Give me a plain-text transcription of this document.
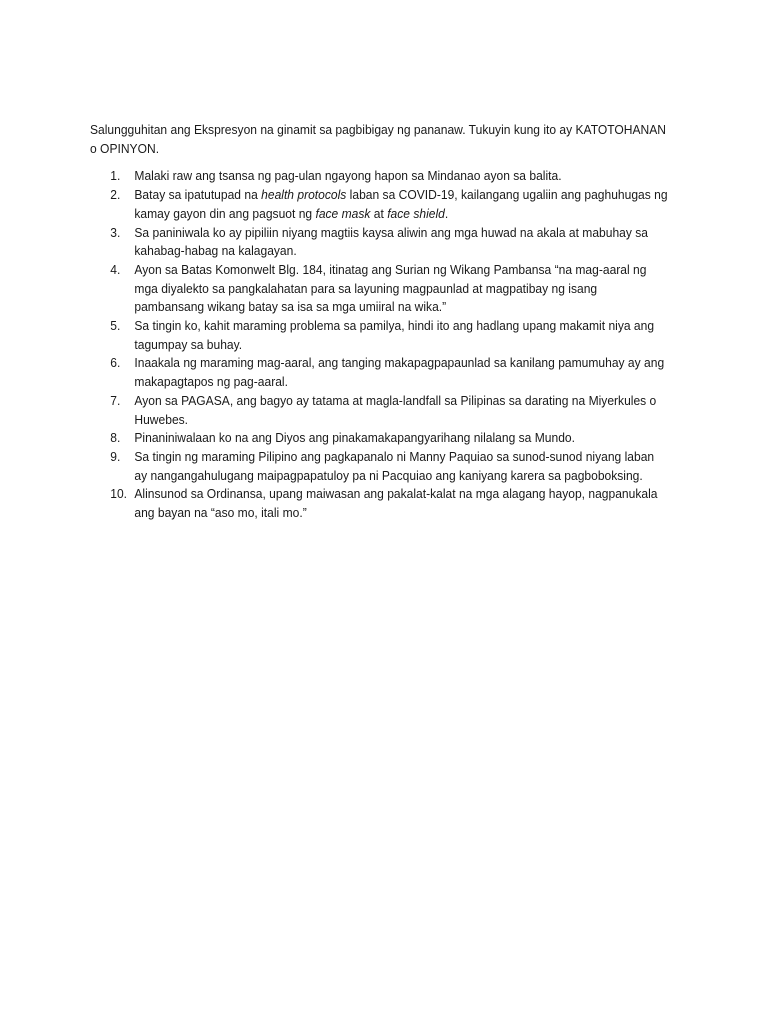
Salungguhitan ang Ekspresyon na ginamit sa pagbibigay ng pananaw. Tukuyin kung ito ay KATOTOHANAN o OPINYON.

1. Malaki raw ang tsansa ng pag-ulan ngayong hapon sa Mindanao ayon sa balita.
2. Batay sa ipatutupad na health protocols laban sa COVID-19, kailangang ugaliin ang paghuhugas ng kamay gayon din ang pagsuot ng face mask at face shield.
3. Sa paniniwala ko ay pipiliin niyang magtiis kaysa aliwin ang mga huwad na akala at mabuhay sa kahabag-habag na kalagayan.
4. Ayon sa Batas Komonwelt Blg. 184, itinatag ang Surian ng Wikang Pambansa “na mag-aaral ng mga diyalekto sa pangkalahatan para sa layuning magpaunlad at magpatibay ng isang pambansang wikang batay sa isa sa mga umiiral na wika.”
5. Sa tingin ko, kahit maraming problema sa pamilya, hindi ito ang hadlang upang makamit niya ang tagumpay sa buhay.
6. Inaakala ng maraming mag-aaral, ang tanging makapagpapaunlad sa kanilang pamumuhay ay ang makapagtapos ng pag-aaral.
7. Ayon sa PAGASA, ang bagyo ay tatama at magla-landfall sa Pilipinas sa darating na Miyerkules o Huwebes.
8. Pinaniniwalaan ko na ang Diyos ang pinakamakapangyarihang nilalang sa Mundo.
9. Sa tingin ng maraming Pilipino ang pagkapanalo ni Manny Paquiao sa sunod-sunod niyang laban ay nangangahulugang maipagpapatuloy pa ni Pacquiao ang kaniyang karera sa pagboboksing.
10. Alinsunod sa Ordinansa, upang maiwasan ang pakalat-kalat na mga alagang hayop, nagpanukala ang bayan na “aso mo, itali mo.”
